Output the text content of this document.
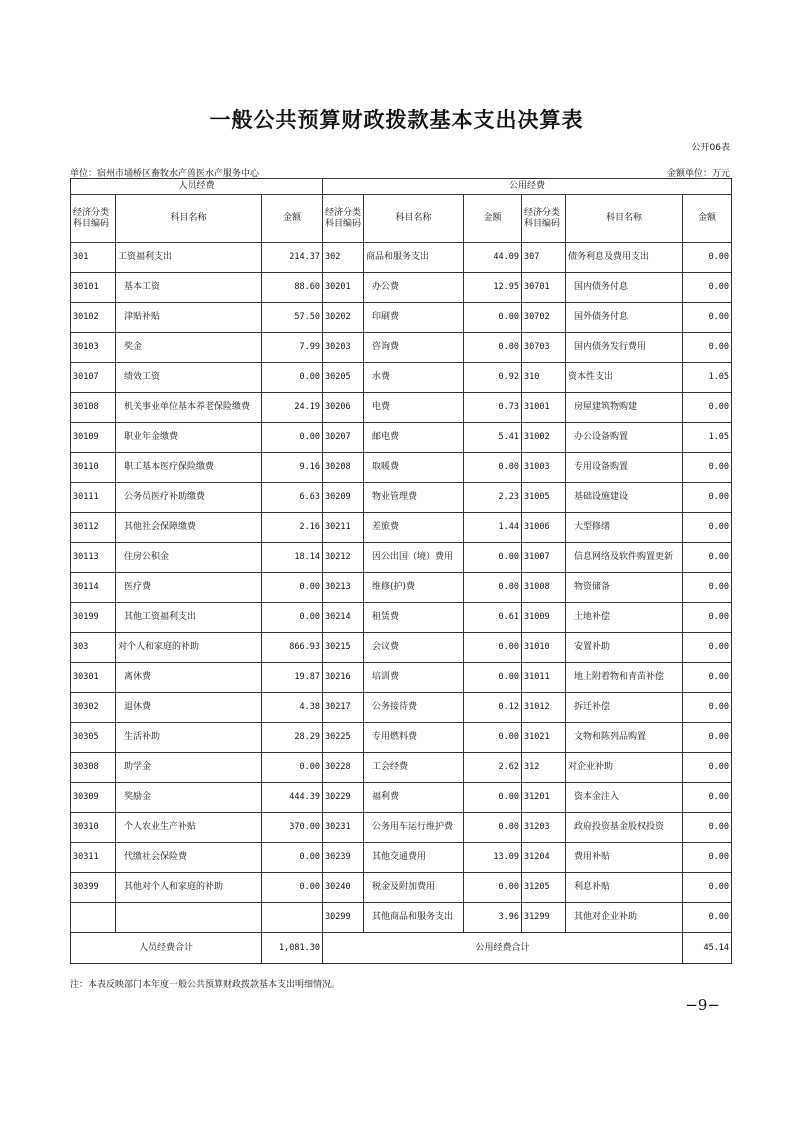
一般公共预算财政拨款基本支出决算表
公开06表
单位：宿州市埇桥区畜牧水产兽医水产服务中心	金额单位：万元
人员经费			公用经费					
经济分类科目编码	科目名称	金额	经济分类科目编码	科目名称	金额	经济分类科目编码	科目名称	金额
301	工资福利支出	214.37	302	商品和服务支出	44.09	307	债务利息及费用支出	0.00
30101	基本工资	88.60	30201	办公费	12.95	30701	国内债务付息	0.00
30102	津贴补贴	57.50	30202	印刷费	0.00	30702	国外债务付息	0.00
30103	奖金	7.99	30203	咨询费	0.00	30703	国内债务发行费用	0.00
30107	绩效工资	0.00	30205	水费	0.92	310	资本性支出	1.05
30108	机关事业单位基本养老保险缴费	24.19	30206	电费	0.73	31001	房屋建筑物购建	0.00
30109	职业年金缴费	0.00	30207	邮电费	5.41	31002	办公设备购置	1.05
30110	职工基本医疗保险缴费	9.16	30208	取暖费	0.00	31003	专用设备购置	0.00
30111	公务员医疗补助缴费	6.63	30209	物业管理费	2.23	31005	基础设施建设	0.00
30112	其他社会保障缴费	2.16	30211	差旅费	1.44	31006	大型修缮	0.00
30113	住房公积金	18.14	30212	因公出国（境）费用	0.00	31007	信息网络及软件购置更新	0.00
30114	医疗费	0.00	30213	维修(护)费	0.00	31008	物资储备	0.00
30199	其他工资福利支出	0.00	30214	租赁费	0.61	31009	土地补偿	0.00
303	对个人和家庭的补助	866.93	30215	会议费	0.00	31010	安置补助	0.00
30301	离休费	19.87	30216	培训费	0.00	31011	地上附着物和青苗补偿	0.00
30302	退休费	4.38	30217	公务接待费	0.12	31012	拆迁补偿	0.00
30305	生活补助	28.29	30225	专用燃料费	0.00	31021	文物和陈列品购置	0.00
30308	助学金	0.00	30228	工会经费	2.62	312	对企业补助	0.00
30309	奖励金	444.39	30229	福利费	0.00	31201	资本金注入	0.00
30310	个人农业生产补贴	370.00	30231	公务用车运行维护费	0.00	31203	政府投资基金股权投资	0.00
30311	代缴社会保险费	0.00	30239	其他交通费用	13.09	31204	费用补贴	0.00
30399	其他对个人和家庭的补助	0.00	30240	税金及附加费用	0.00	31205	利息补贴	0.00
			30299	其他商品和服务支出	3.96	31299	其他对企业补助	0.00
人员经费合计		1,081.30	公用经费合计					45.14
注：本表反映部门本年度一般公共预算财政拨款基本支出明细情况。
−9−
